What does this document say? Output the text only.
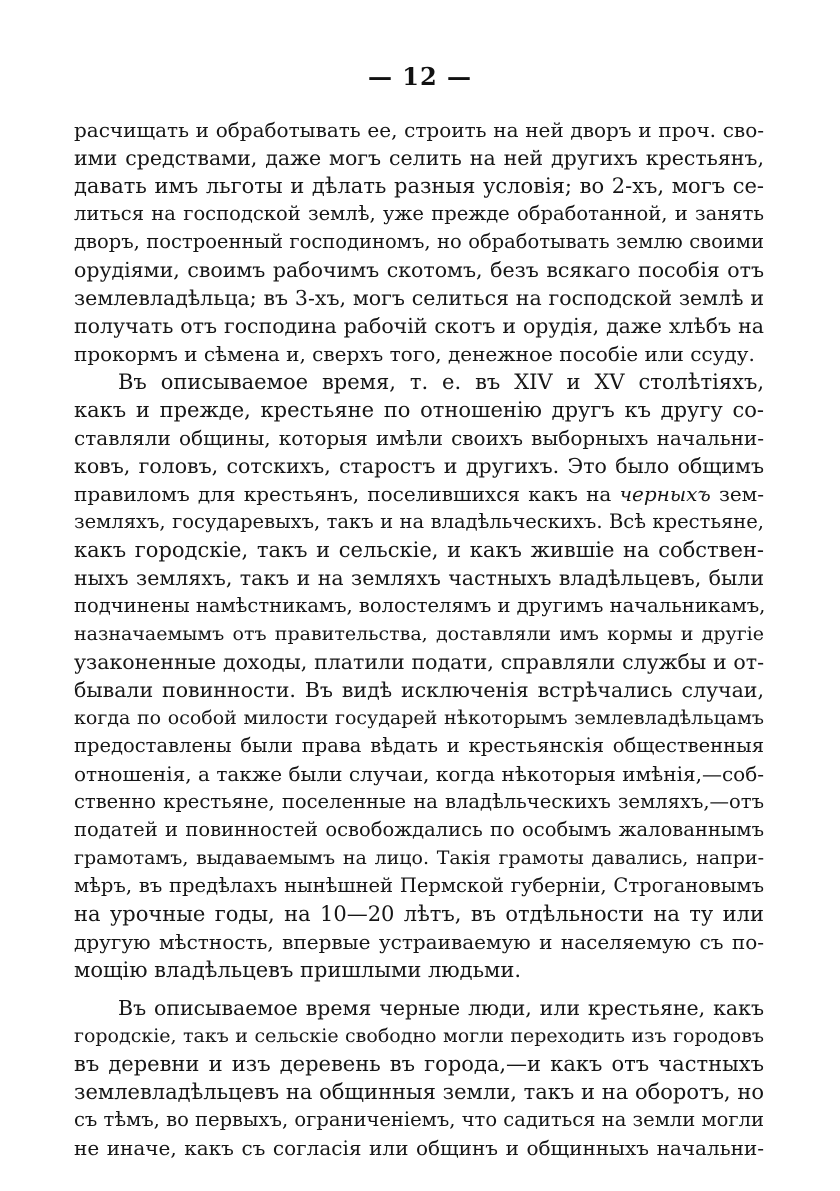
— 12 —
расчищать и обработывать ее, строить на ней дворъ и проч. сво-
ими средствами, даже могъ селить на ней другихъ крестьянъ,
давать имъ льготы и дѣлать разныя условія; во 2-хъ, могъ се-
литься на господской землѣ, уже прежде обработанной, и занять
дворъ, построенный господиномъ, но обработывать землю своими
орудіями, своимъ рабочимъ скотомъ, безъ всякаго пособія отъ
землевладѣльца; въ 3-хъ, могъ селиться на господской землѣ и
получать отъ господина рабочій скотъ и орудія, даже хлѣбъ на
прокормъ и сѣмена и, сверхъ того, денежное пособіе или ссуду.
Въ описываемое время, т. е. въ XIV и XV столѣтіяхъ,
какъ и прежде, крестьяне по отношенію другъ къ другу со-
ставляли общины, которыя имѣли своихъ выборныхъ начальни-
ковъ, головъ, сотскихъ, старостъ и другихъ. Это было общимъ
правиломъ для крестьянъ, поселившихся какъ на черныхъ зем-
земляхъ, государевыхъ, такъ и на владѣльческихъ. Всѣ крестьяне,
какъ городскіе, такъ и сельскіе, и какъ жившіе на собствен-
ныхъ земляхъ, такъ и на земляхъ частныхъ владѣльцевъ, были
подчинены намѣстникамъ, волостелямъ и другимъ начальникамъ,
назначаемымъ отъ правительства, доставляли имъ кормы и другіе
узаконенные доходы, платили подати, справляли службы и от-
бывали повинности. Въ видѣ исключенія встрѣчались случаи,
когда по особой милости государей нѣкоторымъ землевладѣльцамъ
предоставлены были права вѣдать и крестьянскія общественныя
отношенія, а также были случаи, когда нѣкоторыя имѣнія,—соб-
ственно крестьяне, поселенные на владѣльческихъ земляхъ,—отъ
податей и повинностей освобождались по особымъ жалованнымъ
грамотамъ, выдаваемымъ на лицо. Такія грамоты давались, напри-
мѣръ, въ предѣлахъ нынѣшней Пермской губерніи, Строгановымъ
на урочные годы, на 10—20 лѣтъ, въ отдѣльности на ту или
другую мѣстность, впервые устраиваемую и населяемую съ по-
мощію владѣльцевъ пришлыми людьми.
Въ описываемое время черные люди, или крестьяне, какъ
городскіе, такъ и сельскіе свободно могли переходить изъ городовъ
въ деревни и изъ деревень въ города,—и какъ отъ частныхъ
землевладѣльцевъ на общинныя земли, такъ и на оборотъ, но
съ тѣмъ, во первыхъ, ограниченіемъ, что садиться на земли могли
не иначе, какъ съ согласія или общинъ и общинныхъ начальни-
